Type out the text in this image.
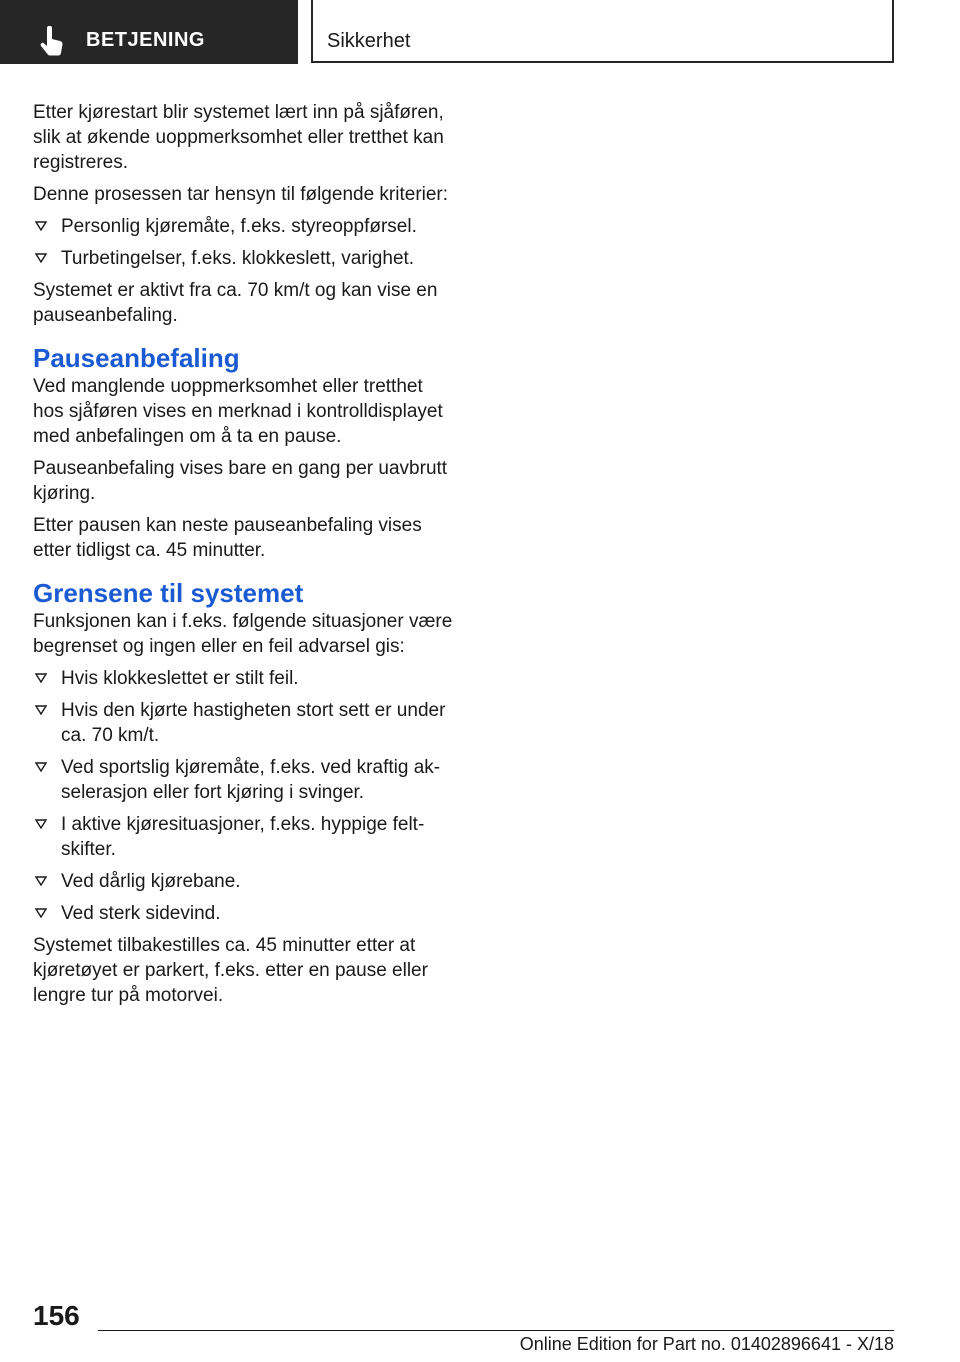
BETJENING	Sikkerhet

Etter kjørestart blir systemet lært inn på sjåføren, slik at økende uoppmerksomhet eller tretthet kan registreres.

Denne prosessen tar hensyn til følgende kriterier:

Personlig kjøremåte, f.eks. styreoppførsel.
Turbetingelser, f.eks. klokkeslett, varighet.

Systemet er aktivt fra ca. 70 km/t og kan vise en pauseanbefaling.

Pauseanbefaling

Ved manglende uoppmerksomhet eller tretthet hos sjåføren vises en merknad i kontrolldisplayet med anbefalingen om å ta en pause.

Pauseanbefaling vises bare en gang per uavbrutt kjøring.

Etter pausen kan neste pauseanbefaling vises etter tidligst ca. 45 minutter.

Grensene til systemet

Funksjonen kan i f.eks. følgende situasjoner være begrenset og ingen eller en feil advarsel gis:

Hvis klokkeslettet er stilt feil.
Hvis den kjørte hastigheten stort sett er under ca. 70 km/t.
Ved sportslig kjøremåte, f.eks. ved kraftig akselerasjon eller fort kjøring i svinger.
I aktive kjøresituasjoner, f.eks. hyppige feltskifter.
Ved dårlig kjørebane.
Ved sterk sidevind.

Systemet tilbakestilles ca. 45 minutter etter at kjøretøyet er parkert, f.eks. etter en pause eller lengre tur på motorvei.

156
Online Edition for Part no. 01402896641 - X/18
